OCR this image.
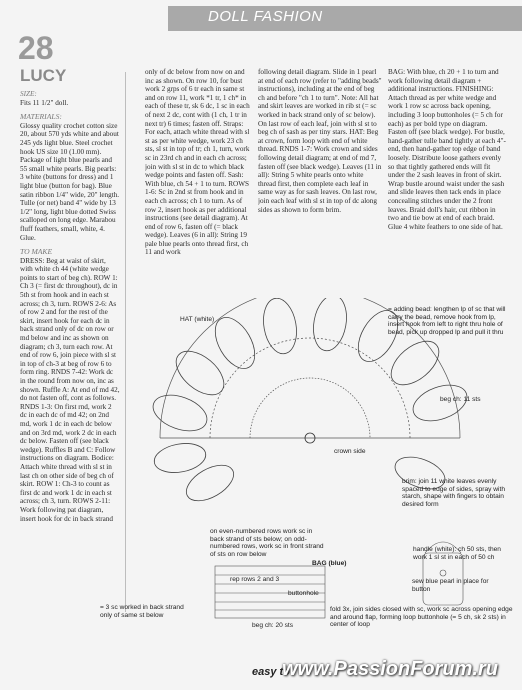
DOLL FASHION
28
LUCY
SIZE:
Fits 11 1/2" doll.
MATERIALS:
Glossy quality crochet cotton size 20, about 570 yds white and about 245 yds light blue. Steel crochet hook US size 10 (1.00 mm). Package of light blue pearls and 55 small white pearls. Big pearls: 3 white (buttons for dress) and 1 light blue (button for bag). Blue satin ribbon 1/4" wide, 20" length. Tulle (or net) band 4" wide by 13 1/2" long, light blue dotted Swiss scalloped on long edge. Marabou fluff feathers, small, white, 4. Glue.
TO MAKE
DRESS: Beg at waist of skirt, with white ch 44 (white wedge points to start of beg ch). ROW 1: Ch 3 (= first dc throughout), dc in 5th st from hook and in each st across; ch 3, turn. ROWS 2-6: As of row 2 and for the rest of the skirt, insert hook for each dc in back strand only of dc on row or md below and inc as shown on diagram; ch 3, turn each row. At end of row 6, join piece with sl st in top of ch-3 at beg of row 6 to form ring. RNDS 7-42: Work dc in the round from now on, inc as shown. Ruffle A: At end of md 42, do not fasten off, cont as follows. RNDS 1-3: On first rnd, work 2 dc in each dc of md 42; on 2nd md, work 1 dc in each dc below and on 3rd md, work 2 dc in each dc below. Fasten off (see black wedge). Ruffles B and C: Follow instructions on diagram. Bodice: Attach white thread with sl st in last ch on other side of beg ch of skirt. ROW 1: Ch-3 to count as first dc and work 1 dc in each st across; ch 3, turn. ROWS 2-11: Work following pat diagram, insert hook for dc in back strand
only of dc below from now on and inc as shown. On row 10, for bust work 2 grps of 6 tr each in same st and on row 11, work *1 tr, 1 ch* in each of these tr, sk 6 dc, 1 sc in each of next 2 dc, cont with (1 ch, 1 tr in next tr) 6 times; fasten off. Straps: For each, attach white thread with sl st as per white wedge, work 23 ch sts, sl st in top of tr; ch 1, turn, work sc in 23rd ch and in each ch across; join with sl st in dc to which black wedge points and fasten off. Sash: With blue, ch 54 + 1 to turn. ROWS 1-6: Sc in 2nd st from hook and in each ch across; ch 1 to turn. As of row 2, insert hook as per additional instructions (see detail diagram). At end of row 6, fasten off (= black wedge). Leaves (6 in all): String 19 pale blue pearls onto thread first, ch 11 and work
following detail diagram. Slide in 1 pearl at end of each row (refer to "adding beads" instructions), including at the end of beg ch and before "ch 1 to turn". Note: All hat and skirt leaves are worked in rib st (= sc worked in back strand only of sc below). On last row of each leaf, join with sl st to beg ch of sash as per tiny stars. HAT: Beg at crown, form loop with end of white thread. RNDS 1-7: Work crown and sides following detail diagram; at end of md 7, fasten off (see black wedge). Leaves (11 in all): String 5 white pearls onto white thread first, then complete each leaf in same way as for sash leaves. On last row, join each leaf with sl st in top of dc along sides as shown to form brim.
BAG: With blue, ch 20 + 1 to turn and work following detail diagram + additional instructions. FINISHING: Attach thread as per white wedge and work 1 row sc across back opening, including 3 loop buttonholes (= 5 ch for each) as per bold type on diagram. Fasten off (see black wedge). For bustle, hand-gather tulle band tightly at each 4"-end, then hand-gather top edge of band loosely. Distribute loose gathers evenly so that tightly gathered ends will fit under the 2 sash leaves in front of skirt. Wrap bustle around waist under the sash and slide leaves then tack ends in place concealing stitches under the 2 front leaves. Braid doll's hair, cut ribbon in two and tie bow at end of each braid. Glue 4 white feathers to one side of hat.
HAT (white)
= adding bead: lengthen lp of sc that will carry the bead, remove hook from lp, insert hook from left to right thru hole of bead, pick up dropped lp and pull it thru
beg ch: 11 sts
crown side
brim: join 11 white leaves evenly spaced to edge of sides, spray with starch, shape with fingers to obtain desired form
on even-numbered rows work sc in back strand of sts below; on odd-numbered rows, work sc in front strand of sts on row below
BAG (blue)
rep rows 2 and 3
buttonhole
beg ch: 20 sts
handle (white): ch 50 sts, then work 1 sl st in each of 50 ch
sew blue pearl in place for button
fold 3x, join sides closed with sc, work sc across opening edge and around flap, forming loop buttonhole (= 5 ch, sk 2 sts) in center of loop
= 3 sc worked in back strand only of same st below
easy to
www.PassionForum.ru
